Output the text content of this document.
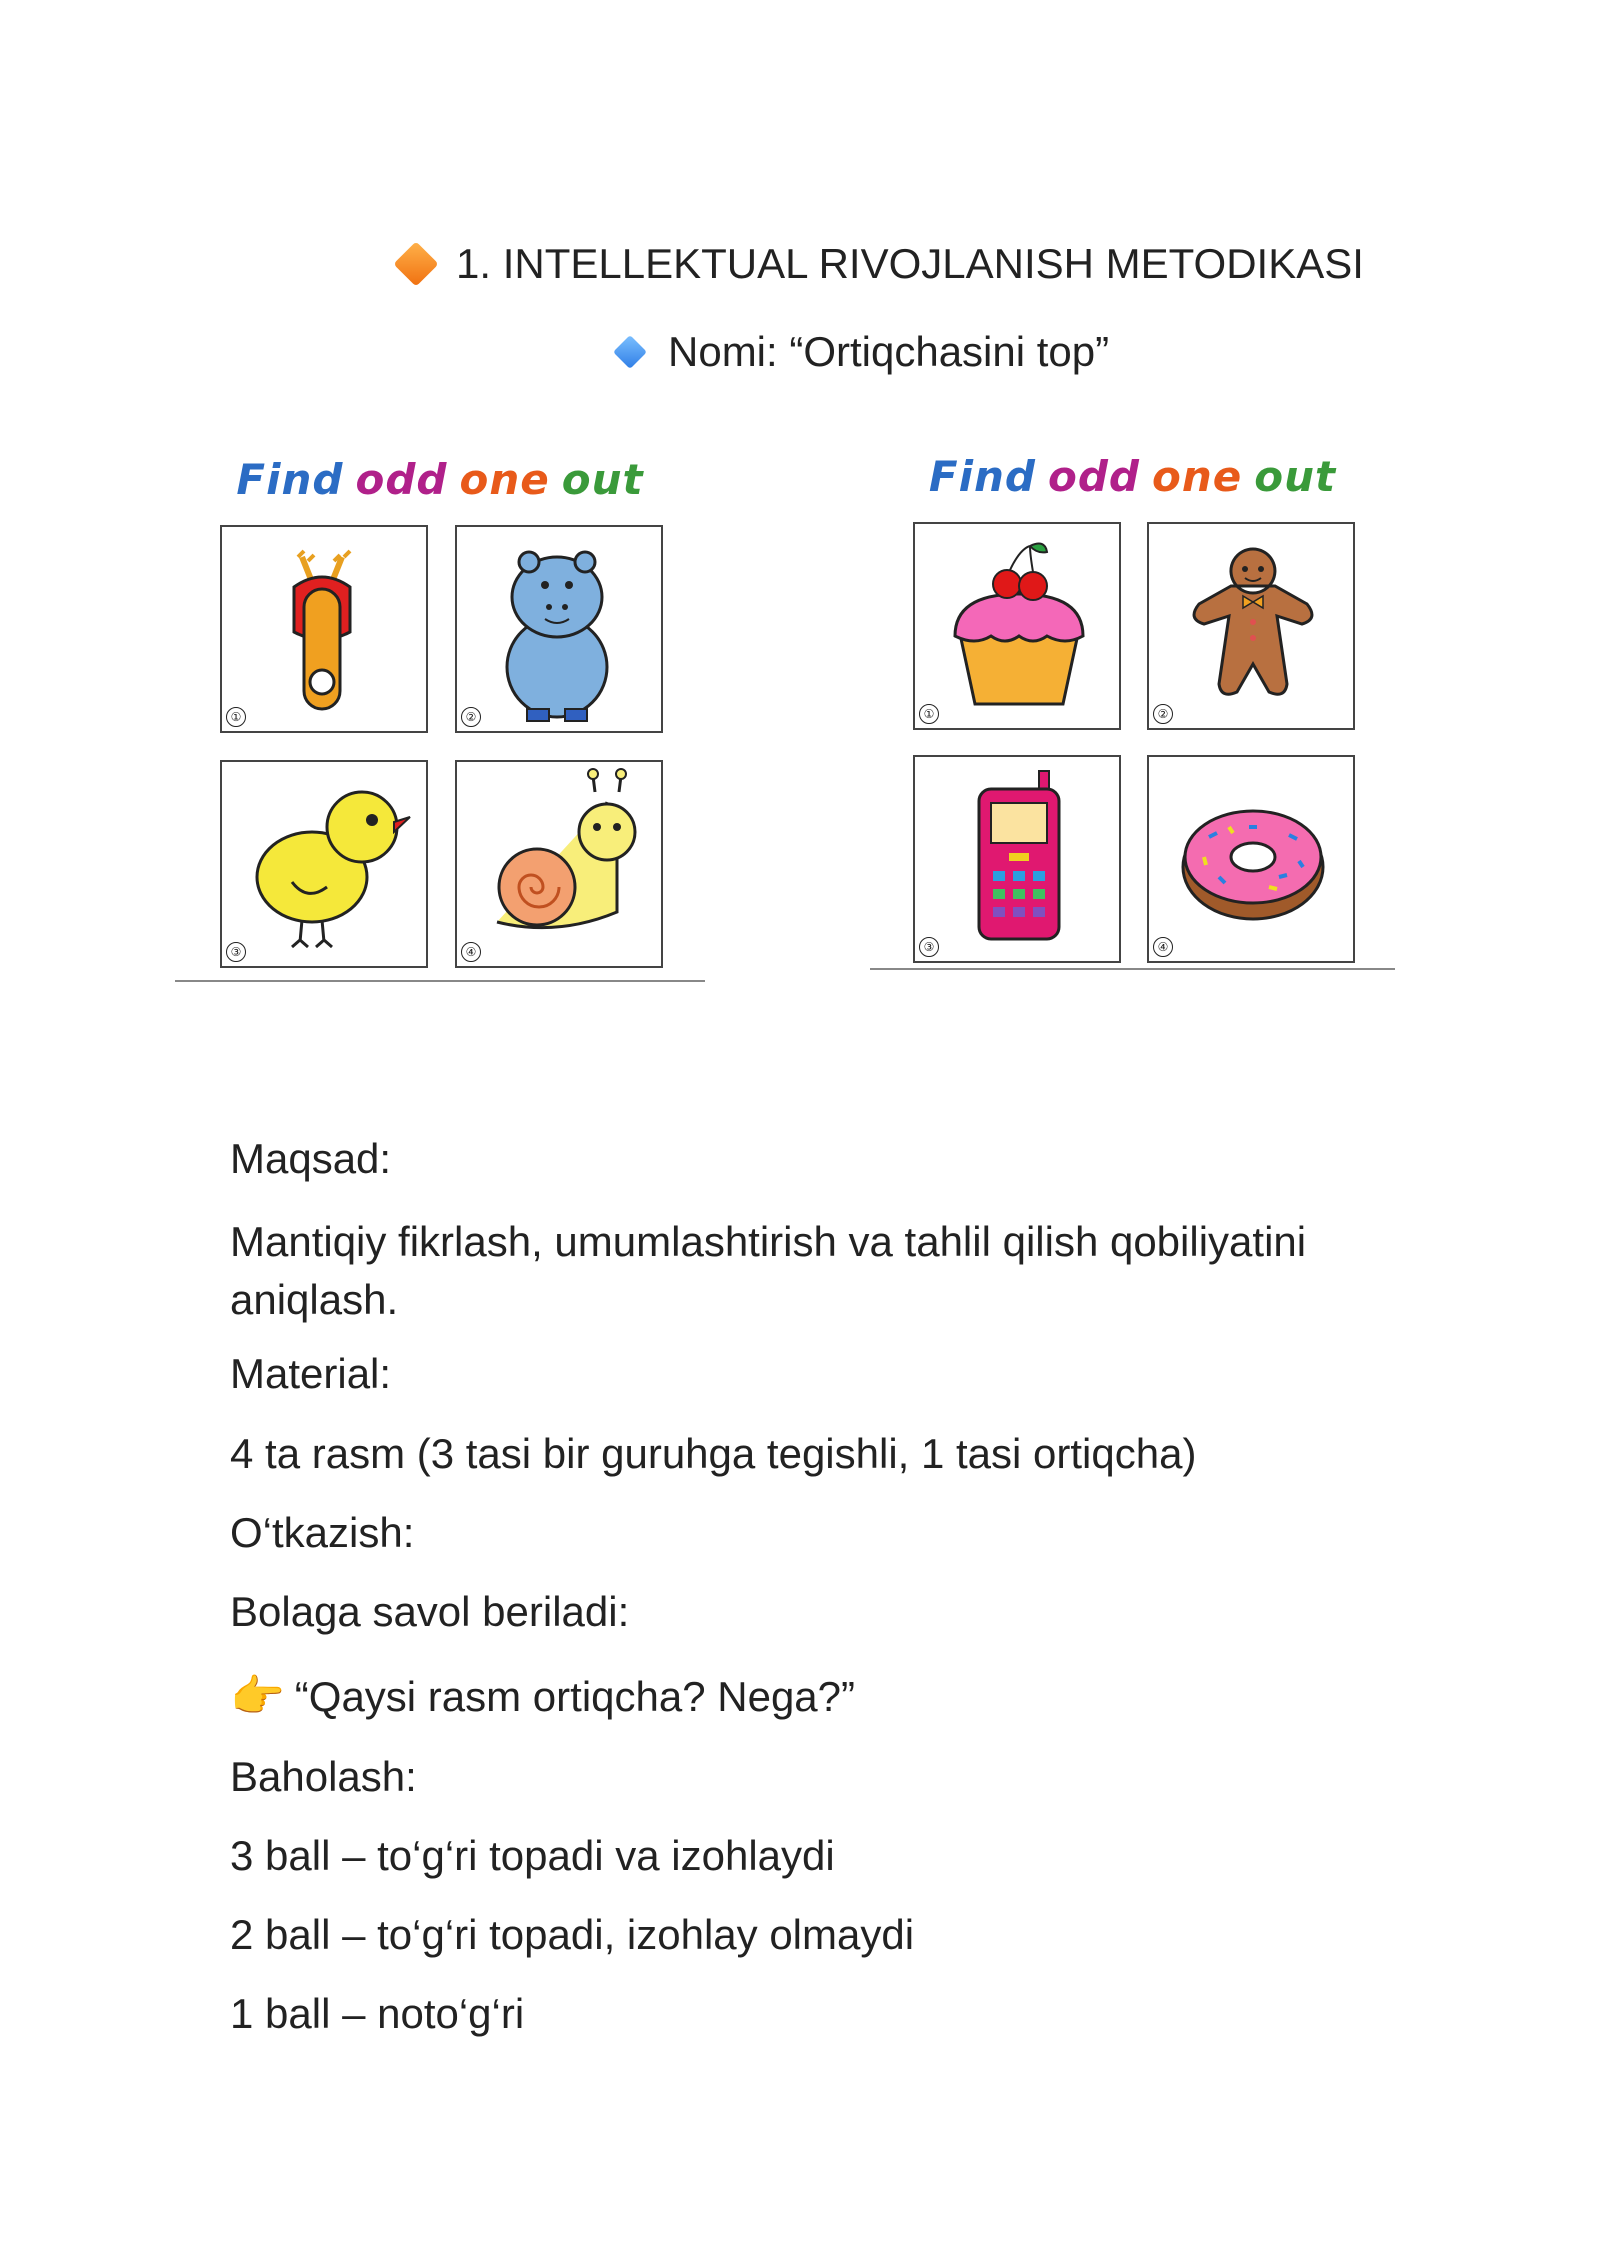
1. INTELLEKTUAL RIVOJLANISH METODIKASI
Nomi: “Ortiqchasini top”
Find odd one out
①	②
③	④
Find odd one out
①	②
③	④
Maqsad:
Mantiqiy fikrlash, umumlashtirish va tahlil qilish qobiliyatini aniqlash.
Material:
4 ta rasm (3 tasi bir guruhga tegishli, 1 tasi ortiqcha)
O‘tkazish:
Bolaga savol beriladi:
👉 “Qaysi rasm ortiqcha? Nega?”
Baholash:
3 ball – to‘g‘ri topadi va izohlaydi
2 ball – to‘g‘ri topadi, izohlay olmaydi
1 ball – noto‘g‘ri
